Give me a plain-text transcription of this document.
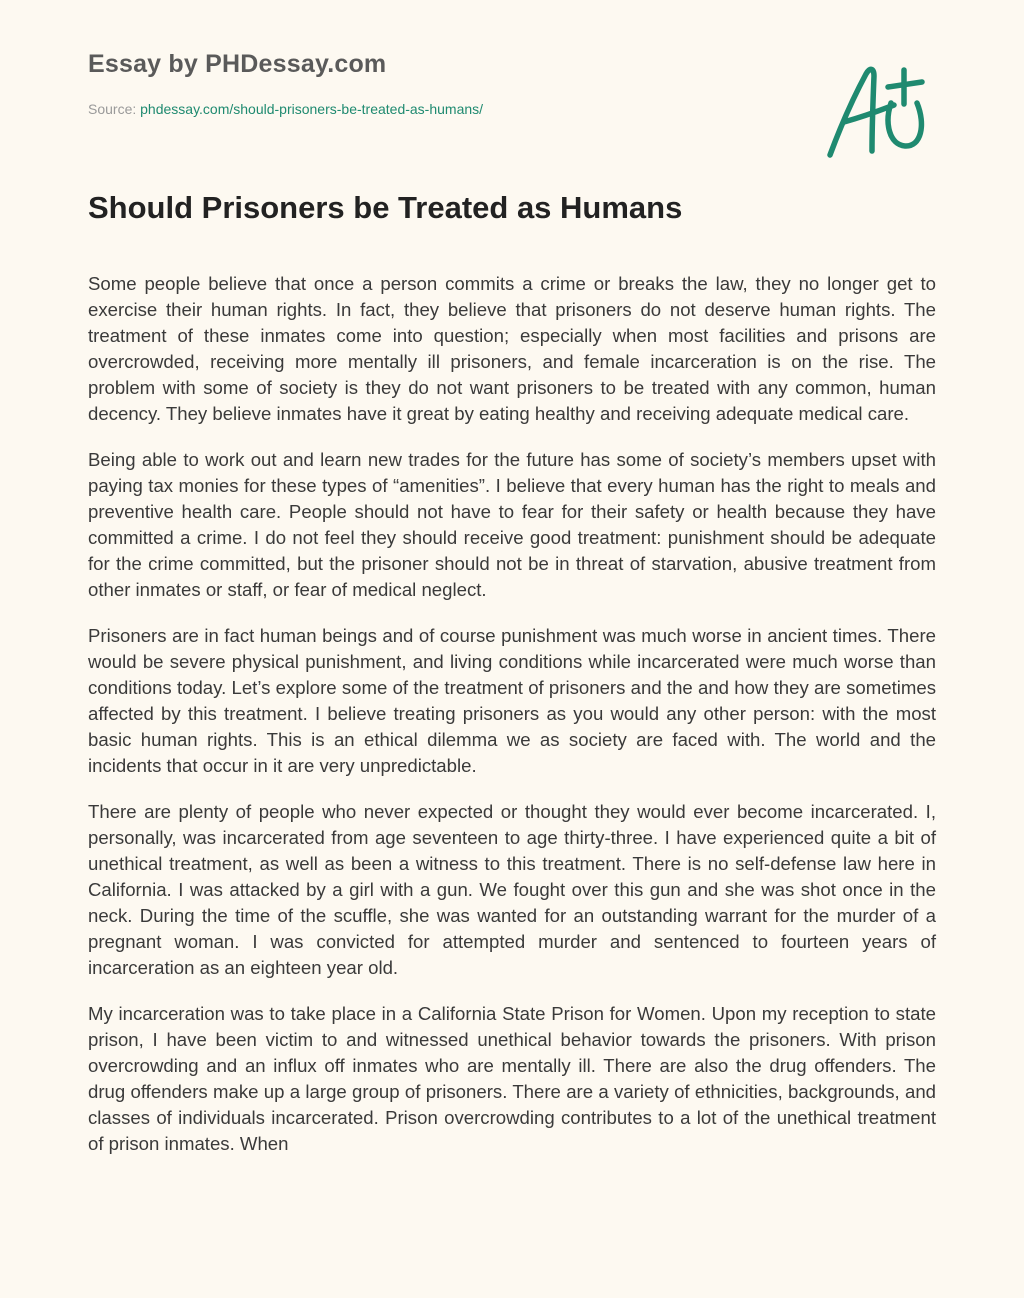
Essay by PHDessay.com
Source: phdessay.com/should-prisoners-be-treated-as-humans/
Should Prisoners be Treated as Humans

Some people believe that once a person commits a crime or breaks the law, they no longer get to exercise their human rights. In fact, they believe that prisoners do not deserve human rights. The treatment of these inmates come into question; especially when most facilities and prisons are overcrowded, receiving more mentally ill prisoners, and female incarceration is on the rise. The problem with some of society is they do not want prisoners to be treated with any common, human decency. They believe inmates have it great by eating healthy and receiving adequate medical care.

Being able to work out and learn new trades for the future has some of society’s members upset with paying tax monies for these types of “amenities”. I believe that every human has the right to meals and preventive health care. People should not have to fear for their safety or health because they have committed a crime. I do not feel they should receive good treatment: punishment should be adequate for the crime committed, but the prisoner should not be in threat of starvation, abusive treatment from other inmates or staff, or fear of medical neglect.

Prisoners are in fact human beings and of course punishment was much worse in ancient times. There would be severe physical punishment, and living conditions while incarcerated were much worse than conditions today. Let’s explore some of the treatment of prisoners and the and how they are sometimes affected by this treatment. I believe treating prisoners as you would any other person: with the most basic human rights. This is an ethical dilemma we as society are faced with. The world and the incidents that occur in it are very unpredictable.

There are plenty of people who never expected or thought they would ever become incarcerated. I, personally, was incarcerated from age seventeen to age thirty-three. I have experienced quite a bit of unethical treatment, as well as been a witness to this treatment. There is no self-defense law here in California. I was attacked by a girl with a gun. We fought over this gun and she was shot once in the neck. During the time of the scuffle, she was wanted for an outstanding warrant for the murder of a pregnant woman. I was convicted for attempted murder and sentenced to fourteen years of incarceration as an eighteen year old.

My incarceration was to take place in a California State Prison for Women. Upon my reception to state prison, I have been victim to and witnessed unethical behavior towards the prisoners. With prison overcrowding and an influx off inmates who are mentally ill. There are also the drug offenders. The drug offenders make up a large group of prisoners. There are a variety of ethnicities, backgrounds, and classes of individuals incarcerated. Prison overcrowding contributes to a lot of the unethical treatment of prison inmates. When
